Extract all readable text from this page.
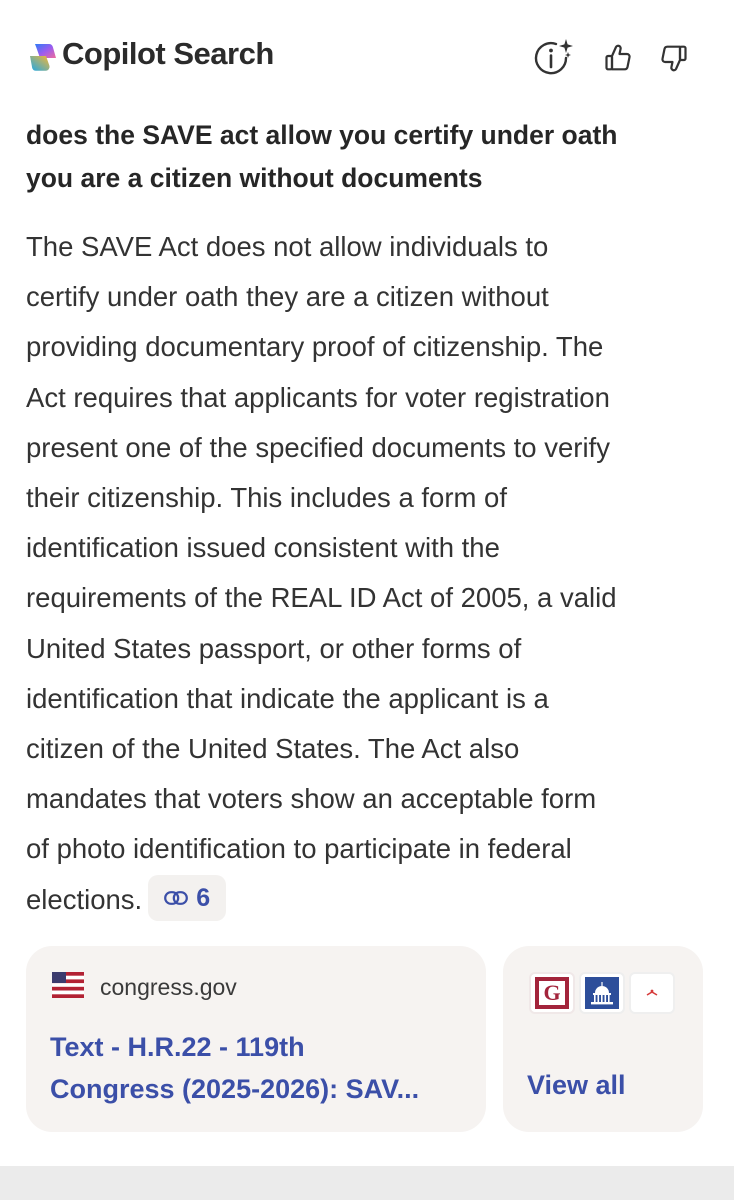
Copilot Search
does the SAVE act allow you certify under oath
you are a citizen without documents
The SAVE Act does not allow individuals to
certify under oath they are a citizen without
providing documentary proof of citizenship. The
Act requires that applicants for voter registration
present one of the specified documents to verify
their citizenship. This includes a form of
identification issued consistent with the
requirements of the REAL ID Act of 2005, a valid
United States passport, or other forms of
identification that indicate the applicant is a
citizen of the United States. The Act also
mandates that voters show an acceptable form
of photo identification to participate in federal
elections. 6
congress.gov
Text - H.R.22 - 119th
Congress (2025-2026): SAV...
G
View all
